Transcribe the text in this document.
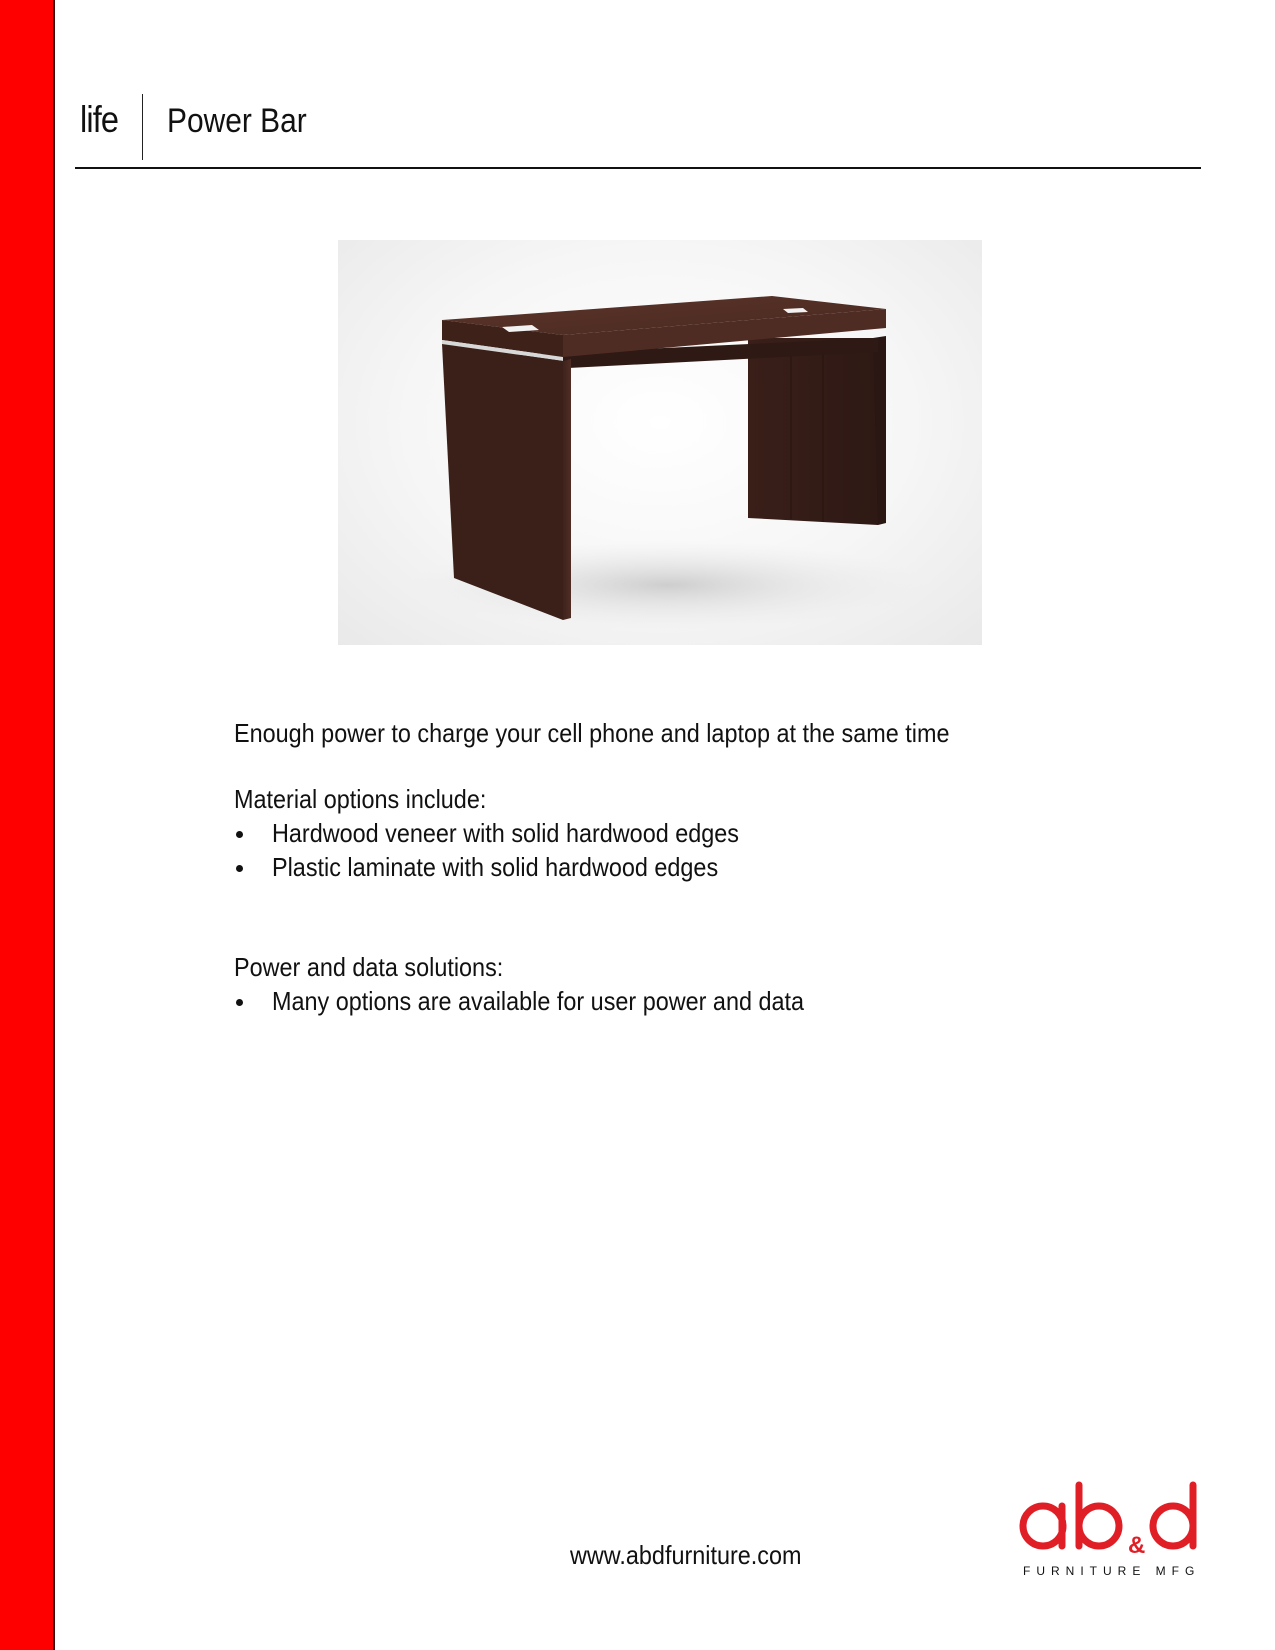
life Power Bar

Enough power to charge your cell phone and laptop at the same time

Material options include:

Hardwood veneer with solid hardwood edges
Plastic laminate with solid hardwood edges

Power and data solutions:

Many options are available for user power and data
www.abdfurniture.com	&
FURNITURE MFG
